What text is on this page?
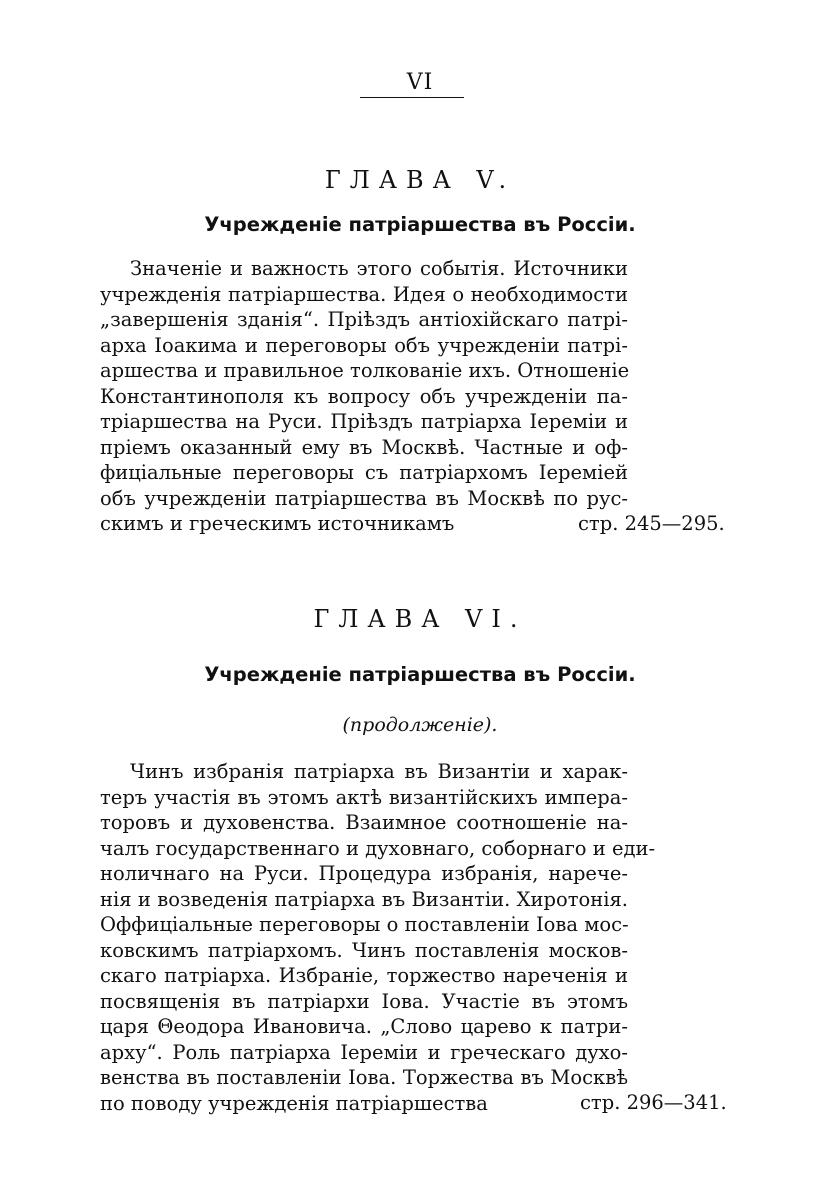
VI
ГЛАВА V.
Учрежденіе патріаршества въ Россіи.
Значеніе и важность этого событія. Источники
учрежденія патріаршества. Идея о необходимости
„завершенія зданія“. Пріѣздъ антіохійскаго патрі-
арха Іоакима и переговоры объ учрежденіи патрі-
аршества и правильное толкованіе ихъ. Отношеніе
Константинополя къ вопросу объ учрежденіи па-
тріаршества на Руси. Пріѣздъ патріарха Іереміи и
пріемъ оказанный ему въ Москвѣ. Частные и оф-
фиціальные переговоры съ патріархомъ Іереміей
объ учрежденіи патріаршества въ Москвѣ по рус-
скимъ и греческимъ источникамъ	стр. 245—295.
ГЛАВА VI.
Учрежденіе патріаршества въ Россіи.
(продолженіе).
Чинъ избранія патріарха въ Византіи и харак-
теръ участія въ этомъ актѣ византійскихъ импера-
торовъ и духовенства. Взаимное соотношеніе на-
чалъ государственнаго и духовнаго, соборнаго и еди-
ноличнаго на Руси. Процедура избранія, нарече-
нія и возведенія патріарха въ Византіи. Хиротонія.
Оффиціальные переговоры о поставленіи Іова мос-
ковскимъ патріархомъ. Чинъ поставленія москов-
скаго патріарха. Избраніе, торжество нареченія и
посвященія въ патріархи Іова. Участіе въ этомъ
царя Θеодора Ивановича. „Слово царево к патри-
арху“. Роль патріарха Іереміи и греческаго духо-
венства въ поставленіи Іова. Торжества въ Москвѣ
по поводу учрежденія патріаршества	стр. 296—341.
